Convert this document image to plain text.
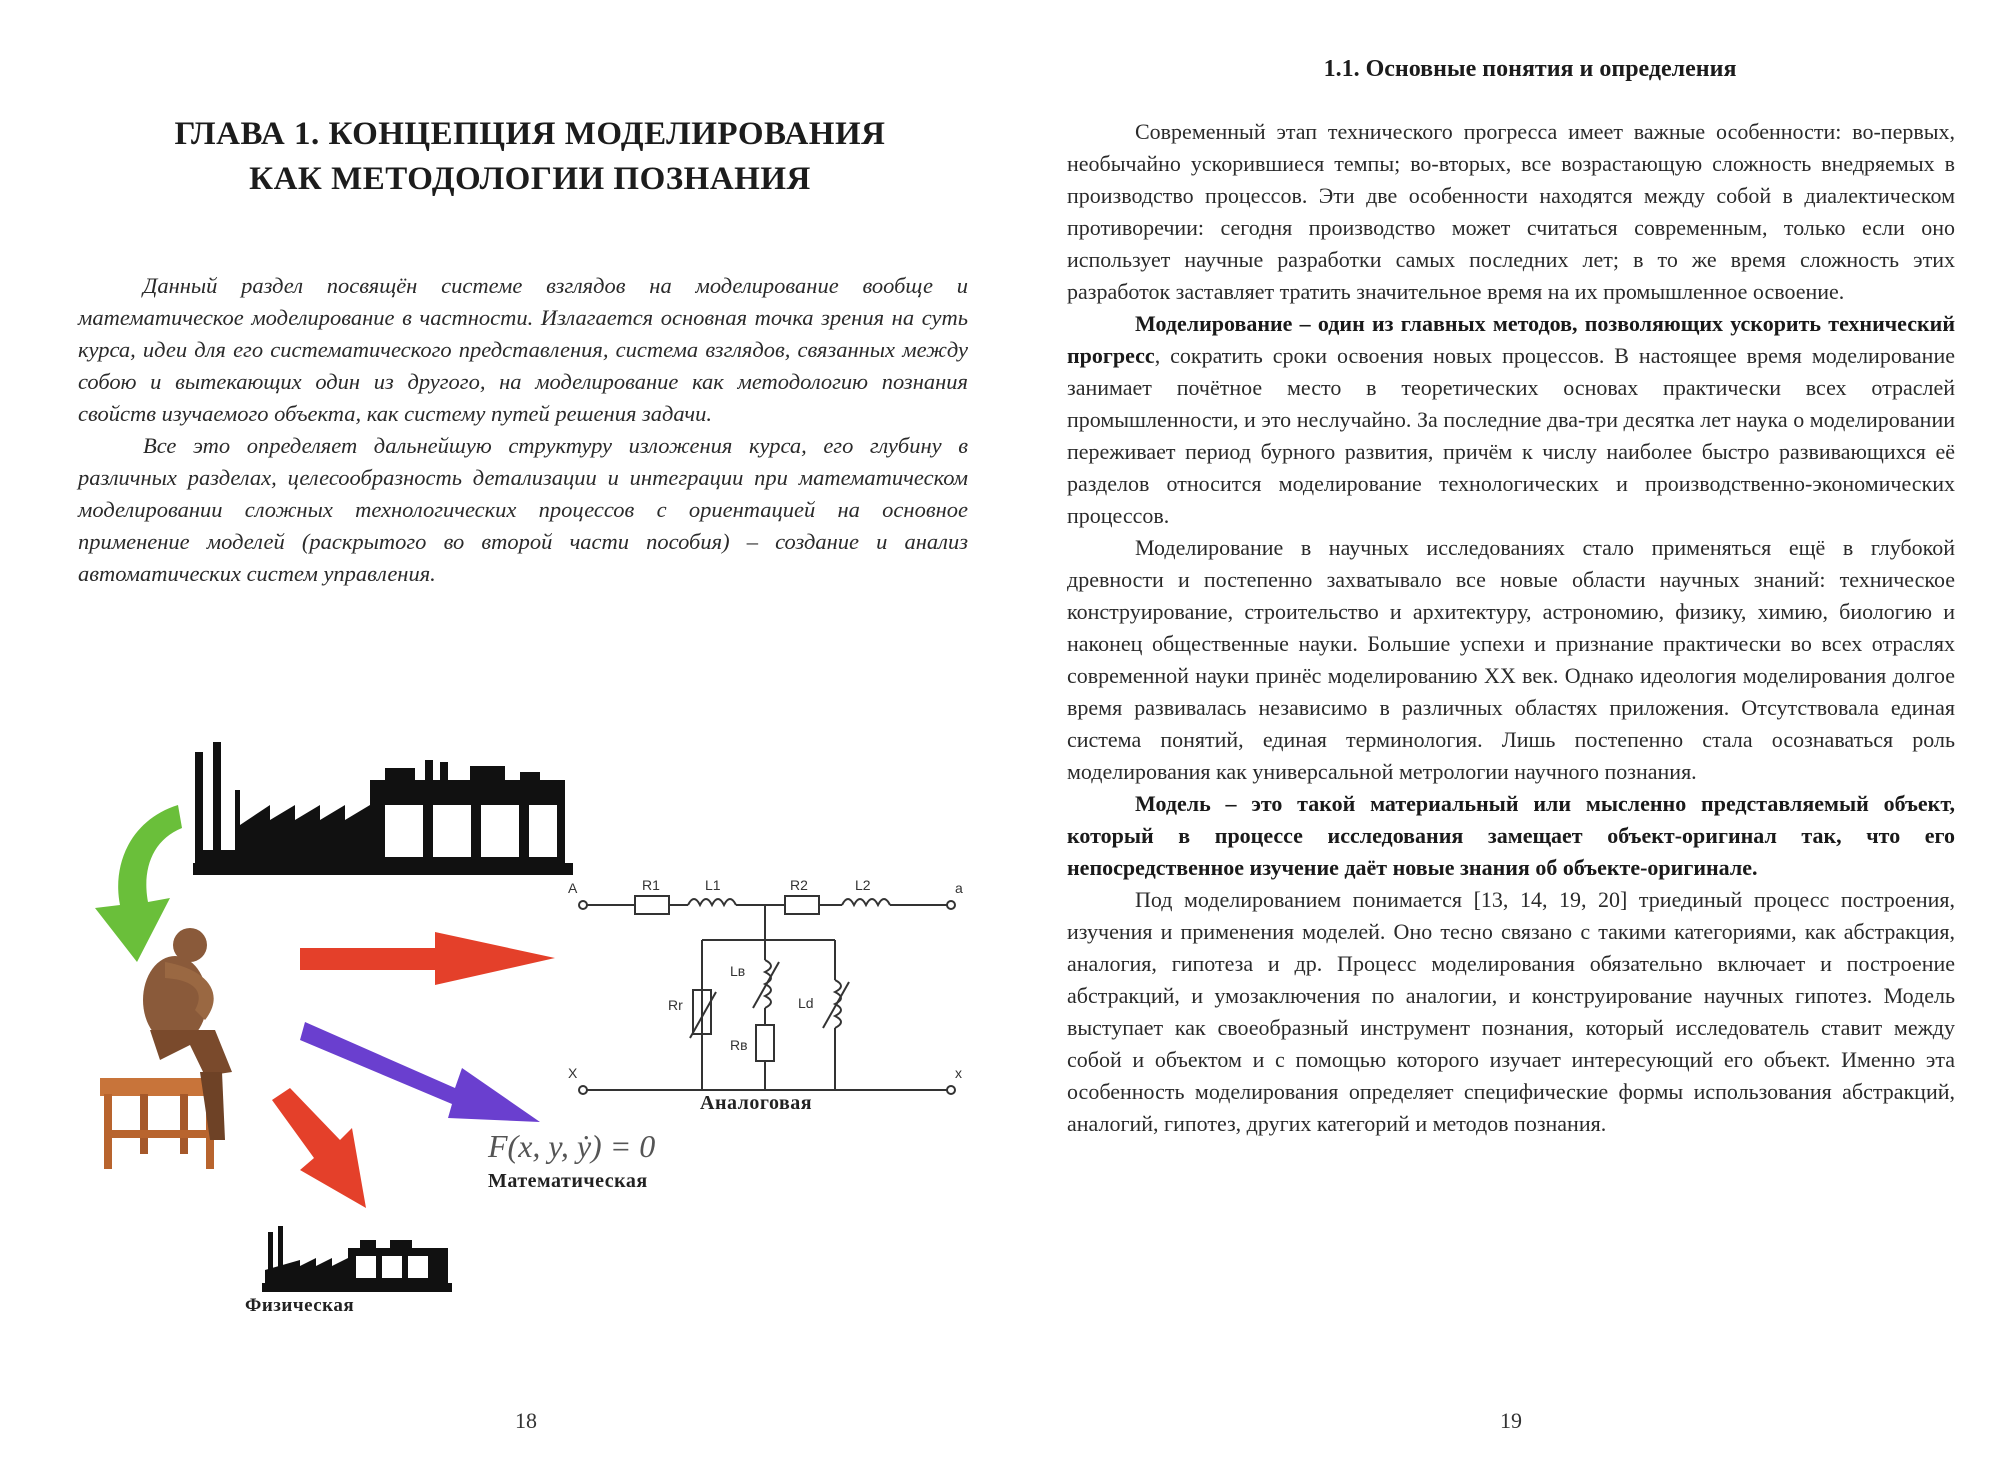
ГЛАВА 1. КОНЦЕПЦИЯ МОДЕЛИРОВАНИЯ
КАК МЕТОДОЛОГИИ ПОЗНАНИЯ

Данный раздел посвящён системе взглядов на моделирование вообще и математическое моделирование в частности. Излагается основная точка зрения на суть курса, идеи для его систематического представления, система взглядов, связанных между собою и вытекающих один из другого, на моделирование как методологию познания свойств изучаемого объекта, как систему путей решения задачи.

Все это определяет дальнейшую структуру изложения курса, его глубину в различных разделах, целесообразность детализации и интеграции при математическом моделировании сложных технологических процессов с ориентацией на основное применение моделей (раскрытого во второй части пособия) – создание и анализ автоматических систем управления.

A	a
X	x
R1	L1	R2	L2
Lв
Rr	Ld
Rв
Аналоговая
F(x, y, ẏ) = 0
Математическая
Физическая
18
1.1. Основные понятия и определения

Современный этап технического прогресса имеет важные особенности: во-первых, необычайно ускорившиеся темпы; во-вторых, все возрастающую сложность внедряемых в производство процессов. Эти две особенности находятся между собой в диалектическом противоречии: сегодня производство может считаться современным, только если оно использует научные разработки самых последних лет; в то же время сложность этих разработок заставляет тратить значительное время на их промышленное освоение.

Моделирование – один из главных методов, позволяющих ускорить технический прогресс, сократить сроки освоения новых процессов. В настоящее время моделирование занимает почётное место в теоретических основах практически всех отраслей промышленности, и это неслучайно. За последние два-три десятка лет наука о моделировании переживает период бурного развития, причём к числу наиболее быстро развивающихся её разделов относится моделирование технологических и производственно-экономических процессов.

Моделирование в научных исследованиях стало применяться ещё в глубокой древности и постепенно захватывало все новые области научных знаний: техническое конструирование, строительство и архитектуру, астрономию, физику, химию, биологию и наконец общественные науки. Большие успехи и признание практически во всех отраслях современной науки принёс моделированию XX век. Однако идеология моделирования долгое время развивалась независимо в различных областях приложения. Отсутствовала единая система понятий, единая терминология. Лишь постепенно стала осознаваться роль моделирования как универсальной метрологии научного познания.

Модель – это такой материальный или мысленно представляемый объект, который в процессе исследования замещает объект-оригинал так, что его непосредственное изучение даёт новые знания об объекте-оригинале.

Под моделированием понимается [13, 14, 19, 20] триединый процесс построения, изучения и применения моделей. Оно тесно связано с такими категориями, как абстракция, аналогия, гипотеза и др. Процесс моделирования обязательно включает и построение абстракций, и умозаключения по аналогии, и конструирование научных гипотез. Модель выступает как своеобразный инструмент познания, который исследователь ставит между собой и объектом и с помощью которого изучает интересующий его объект. Именно эта особенность моделирования определяет специфические формы использования абстракций, аналогий, гипотез, других категорий и методов познания.

19
